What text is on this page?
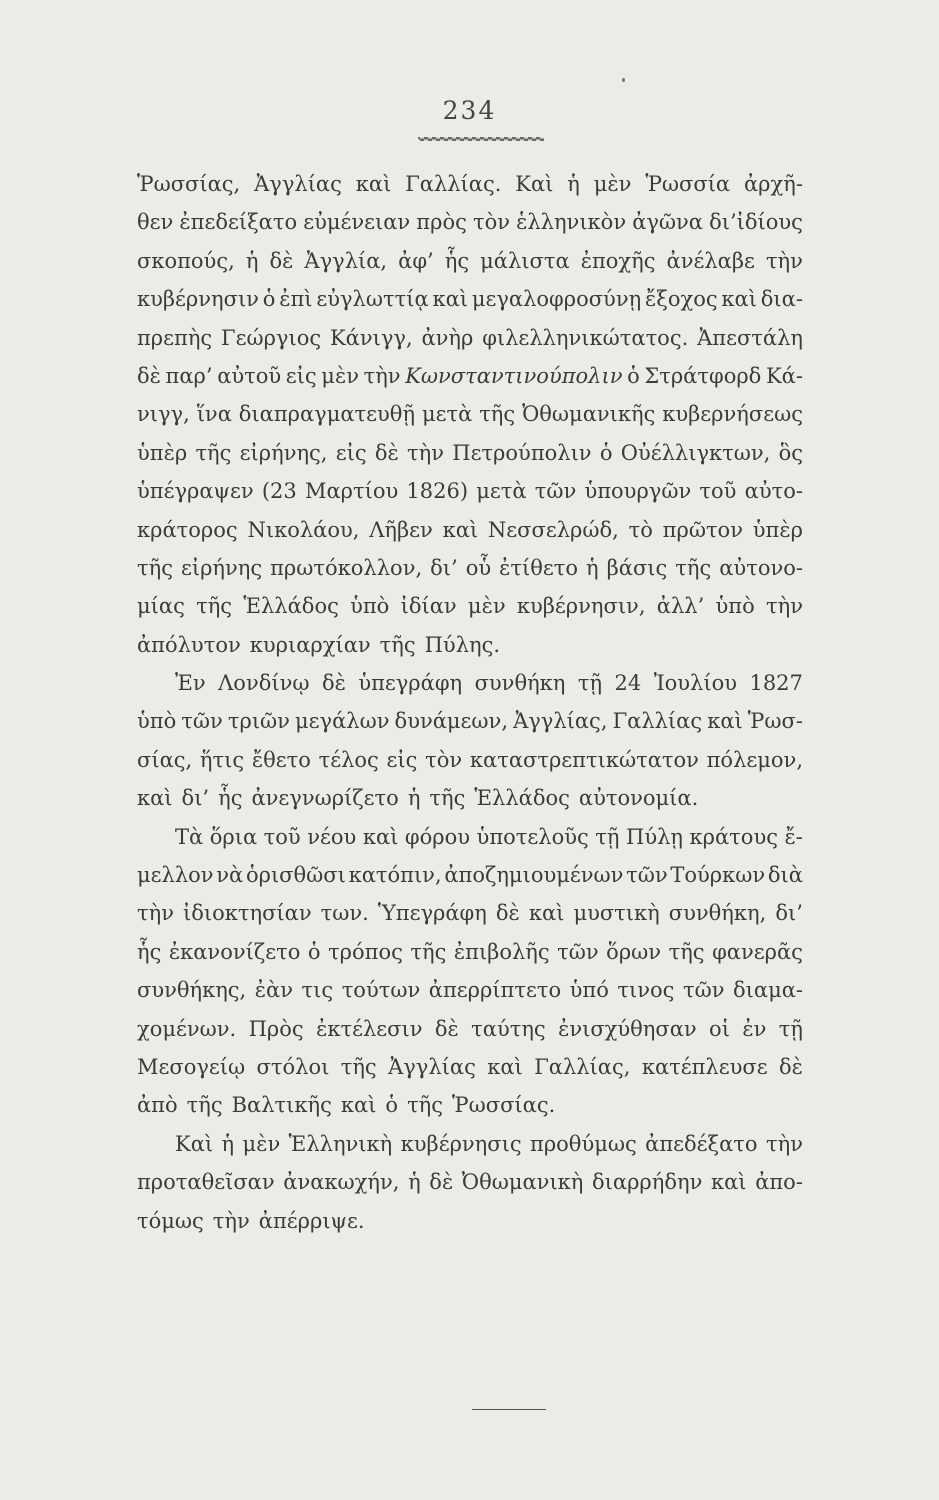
234
Ῥωσσίας, Ἀγγλίας καὶ Γαλλίας. Καὶ ἡ μὲν Ῥωσσία ἀρχῆ-
θεν ἐπεδείξατο εὐμένειαν πρὸς τὸν ἑλληνικὸν ἀγῶνα δι’ἰδίους
σκοπούς, ἡ δὲ Ἀγγλία, ἀφ’ ἧς μάλιστα ἐποχῆς ἀνέλαβε τὴν
κυβέρνησιν ὁ ἐπὶ εὐγλωττίᾳ καὶ μεγαλοφροσύνῃ ἔξοχος καὶ δια-
πρεπὴς Γεώργιος Κάνιγγ, ἀνὴρ φιλελληνικώτατος. Ἀπεστάλη
δὲ παρ’ αὐτοῦ εἰς μὲν τὴν Κωνσταντινούπολιν ὁ Στράτφορδ Κά-
νιγγ, ἵνα διαπραγματευθῇ μετὰ τῆς Ὀθωμανικῆς κυβερνήσεως
ὑπὲρ τῆς εἰρήνης, εἰς δὲ τὴν Πετρούπολιν ὁ Οὐέλλιγκτων, ὃς
ὑπέγραψεν (23 Μαρτίου 1826) μετὰ τῶν ὑπουργῶν τοῦ αὐτο-
κράτορος Νικολάου, Λῆβεν καὶ Νεσσελρώδ, τὸ πρῶτον ὑπὲρ
τῆς εἰρήνης πρωτόκολλον, δι’ οὗ ἐτίθετο ἡ βάσις τῆς αὐτονο-
μίας τῆς Ἑλλάδος ὑπὸ ἰδίαν μὲν κυβέρνησιν, ἀλλ’ ὑπὸ τὴν
ἀπόλυτον κυριαρχίαν τῆς Πύλης.
Ἐν Λονδίνῳ δὲ ὑπεγράφη συνθήκη τῇ 24 Ἰουλίου 1827
ὑπὸ τῶν τριῶν μεγάλων δυνάμεων, Ἀγγλίας, Γαλλίας καὶ Ῥωσ-
σίας, ἥτις ἔθετο τέλος εἰς τὸν καταστρεπτικώτατον πόλεμον,
καὶ δι’ ἧς ἀνεγνωρίζετο ἡ τῆς Ἑλλάδος αὐτονομία.
Τὰ ὅρια τοῦ νέου καὶ φόρου ὑποτελοῦς τῇ Πύλῃ κράτους ἔ-
μελλον νὰ ὁρισθῶσι κατόπιν, ἀποζημιουμένων τῶν Τούρκων διὰ
τὴν ἰδιοκτησίαν των. Ὑπεγράφη δὲ καὶ μυστικὴ συνθήκη, δι’
ἧς ἐκανονίζετο ὁ τρόπος τῆς ἐπιβολῆς τῶν ὅρων τῆς φανερᾶς
συνθήκης, ἐὰν τις τούτων ἀπερρίπτετο ὑπό τινος τῶν διαμα-
χομένων. Πρὸς ἐκτέλεσιν δὲ ταύτης ἐνισχύθησαν οἱ ἐν τῇ
Μεσογείῳ στόλοι τῆς Ἀγγλίας καὶ Γαλλίας, κατέπλευσε δὲ
ἀπὸ τῆς Βαλτικῆς καὶ ὁ τῆς Ῥωσσίας.
Καὶ ἡ μὲν Ἑλληνικὴ κυβέρνησις προθύμως ἀπεδέξατο τὴν
προταθεῖσαν ἀνακωχήν, ἡ δὲ Ὀθωμανικὴ διαρρήδην καὶ ἀπο-
τόμως τὴν ἀπέρριψε.
